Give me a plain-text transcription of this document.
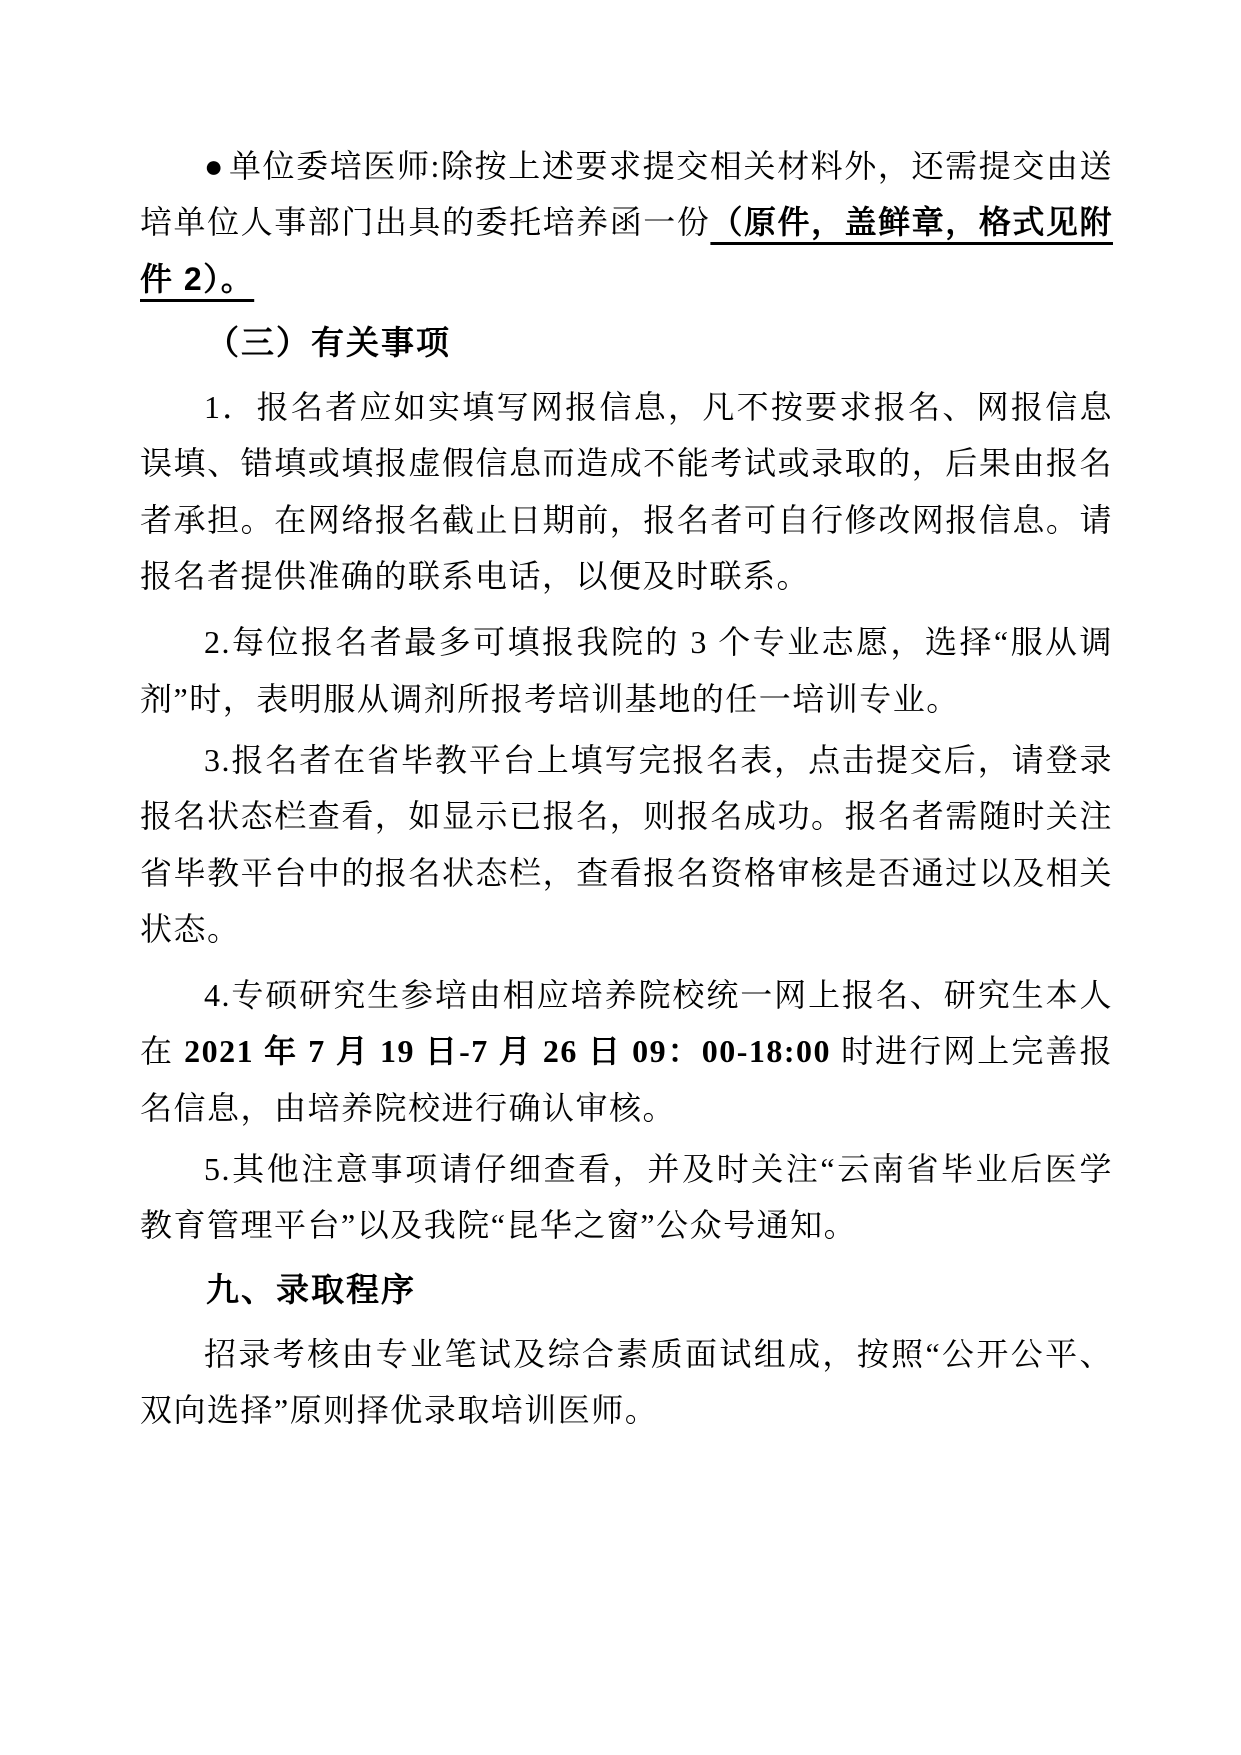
● 单位委培医师:除按上述要求提交相关材料外，还需提交由送培单位人事部门出具的委托培养函一份（原件，盖鲜章，格式见附件 2）。

（三）有关事项

1．报名者应如实填写网报信息，凡不按要求报名、网报信息误填、错填或填报虚假信息而造成不能考试或录取的，后果由报名者承担。在网络报名截止日期前，报名者可自行修改网报信息。请报名者提供准确的联系电话，以便及时联系。

2.每位报名者最多可填报我院的 3 个专业志愿，选择“服从调剂”时，表明服从调剂所报考培训基地的任一培训专业。

3.报名者在省毕教平台上填写完报名表，点击提交后，请登录报名状态栏查看，如显示已报名，则报名成功。报名者需随时关注省毕教平台中的报名状态栏，查看报名资格审核是否通过以及相关状态。

4.专硕研究生参培由相应培养院校统一网上报名、研究生本人在 2021 年 7 月 19 日-7 月 26 日 09：00-18:00 时进行网上完善报名信息，由培养院校进行确认审核。

5.其他注意事项请仔细查看，并及时关注“云南省毕业后医学教育管理平台”以及我院“昆华之窗”公众号通知。

九、录取程序

招录考核由专业笔试及综合素质面试组成，按照“公开公平、双向选择”原则择优录取培训医师。
